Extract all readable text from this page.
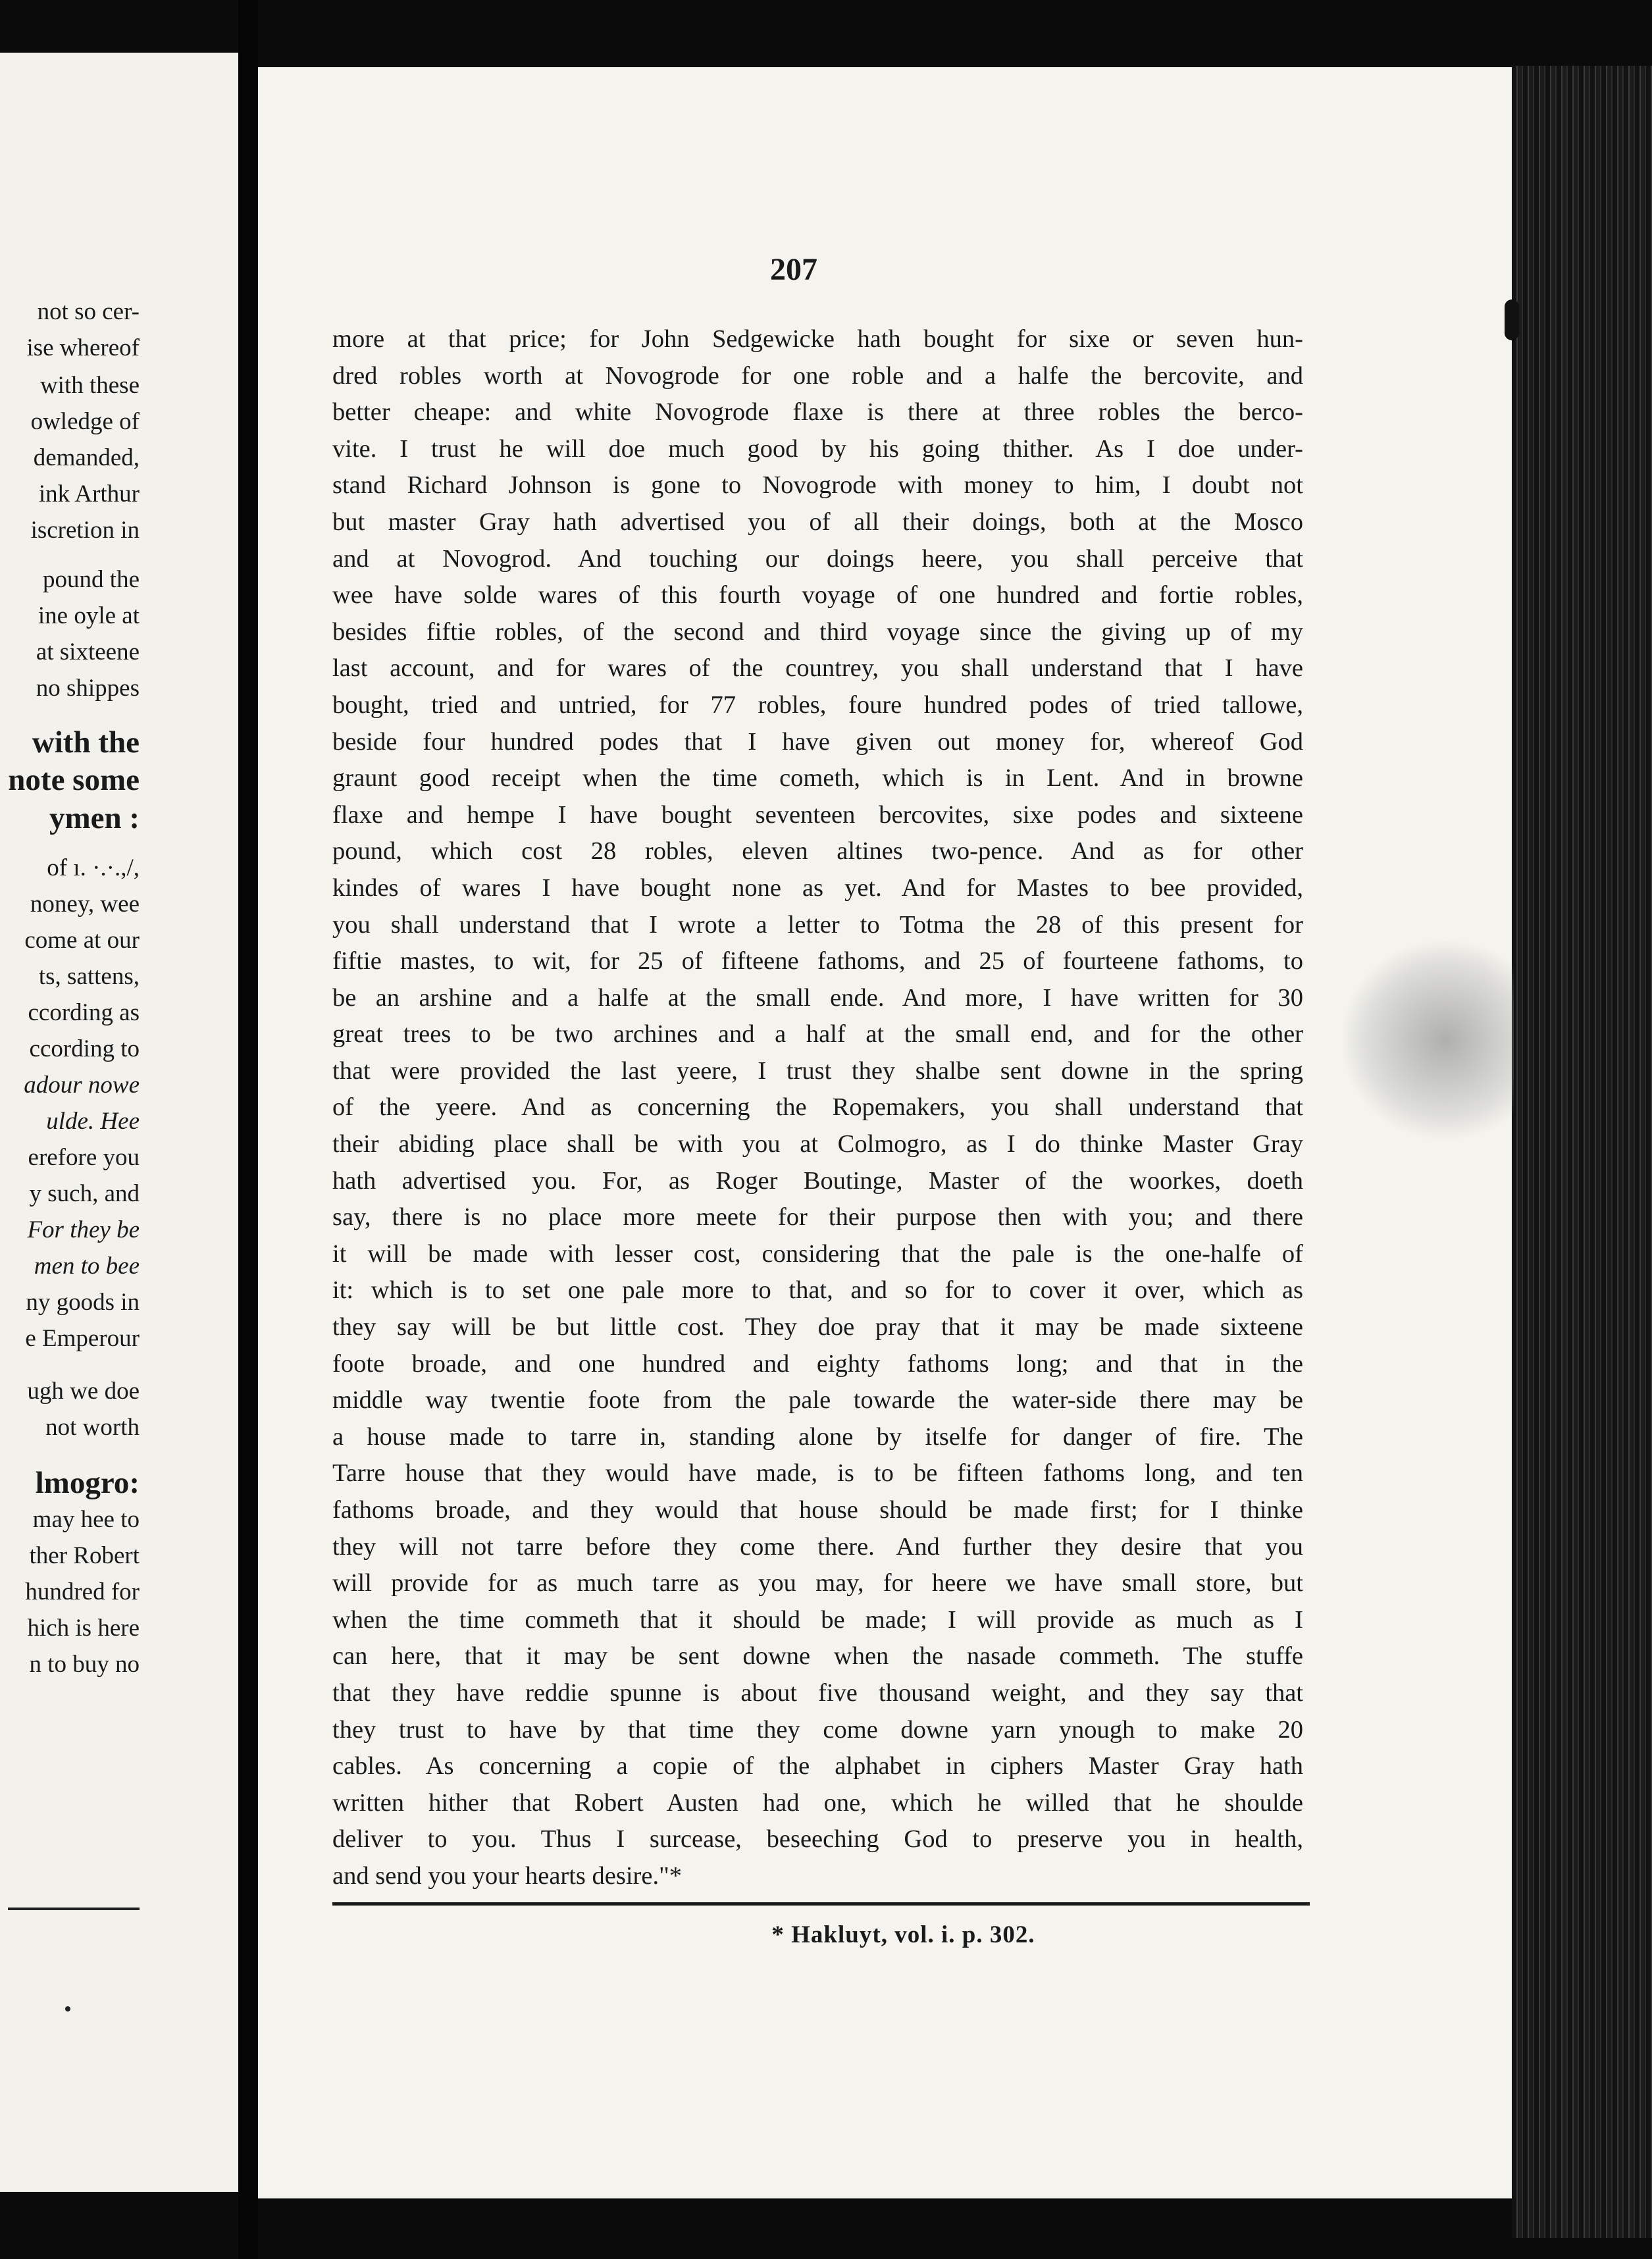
not so cer-
ise whereof
with these
owledge of
demanded,
ink Arthur
iscretion in
pound the
ine oyle at
at sixteene
no shippes
with the
note some
ymen :
of ı. ·.·.,/,
noney, wee
come at our
ts, sattens,
ccording as
ccording to
adour nowe
ulde. Hee
erefore you
y such, and
For they be
men to bee
ny goods in
e Emperour
ugh we doe
not worth
lmogro:
may hee to
ther Robert
hundred for
hich is here
n to buy no
207
more at that price; for John Sedgewicke hath bought for sixe or seven hun-
dred robles worth at Novogrode for one roble and a halfe the bercovite, and
better cheape: and white Novogrode flaxe is there at three robles the berco-
vite. I trust he will doe much good by his going thither. As I doe under-
stand Richard Johnson is gone to Novogrode with money to him, I doubt not
but master Gray hath advertised you of all their doings, both at the Mosco
and at Novogrod. And touching our doings heere, you shall perceive that
wee have solde wares of this fourth voyage of one hundred and fortie robles,
besides fiftie robles, of the second and third voyage since the giving up of my
last account, and for wares of the countrey, you shall understand that I have
bought, tried and untried, for 77 robles, foure hundred podes of tried tallowe,
beside four hundred podes that I have given out money for, whereof God
graunt good receipt when the time cometh, which is in Lent. And in browne
flaxe and hempe I have bought seventeen bercovites, sixe podes and sixteene
pound, which cost 28 robles, eleven altines two-pence. And as for other
kindes of wares I have bought none as yet. And for Mastes to bee provided,
you shall understand that I wrote a letter to Totma the 28 of this present for
fiftie mastes, to wit, for 25 of fifteene fathoms, and 25 of fourteene fathoms, to
be an arshine and a halfe at the small ende. And more, I have written for 30
great trees to be two archines and a half at the small end, and for the other
that were provided the last yeere, I trust they shalbe sent downe in the spring
of the yeere. And as concerning the Ropemakers, you shall understand that
their abiding place shall be with you at Colmogro, as I do thinke Master Gray
hath advertised you. For, as Roger Boutinge, Master of the woorkes, doeth
say, there is no place more meete for their purpose then with you; and there
it will be made with lesser cost, considering that the pale is the one-halfe of
it: which is to set one pale more to that, and so for to cover it over, which as
they say will be but little cost. They doe pray that it may be made sixteene
foote broade, and one hundred and eighty fathoms long; and that in the
middle way twentie foote from the pale towarde the water-side there may be
a house made to tarre in, standing alone by itselfe for danger of fire. The
Tarre house that they would have made, is to be fifteen fathoms long, and ten
fathoms broade, and they would that house should be made first; for I thinke
they will not tarre before they come there. And further they desire that you
will provide for as much tarre as you may, for heere we have small store, but
when the time commeth that it should be made; I will provide as much as I
can here, that it may be sent downe when the nasade commeth. The stuffe
that they have reddie spunne is about five thousand weight, and they say that
they trust to have by that time they come downe yarn ynough to make 20
cables. As concerning a copie of the alphabet in ciphers Master Gray hath
written hither that Robert Austen had one, which he willed that he shoulde
deliver to you. Thus I surcease, beseeching God to preserve you in health,
and send you your hearts desire."*
* Hakluyt, vol. i. p. 302.
